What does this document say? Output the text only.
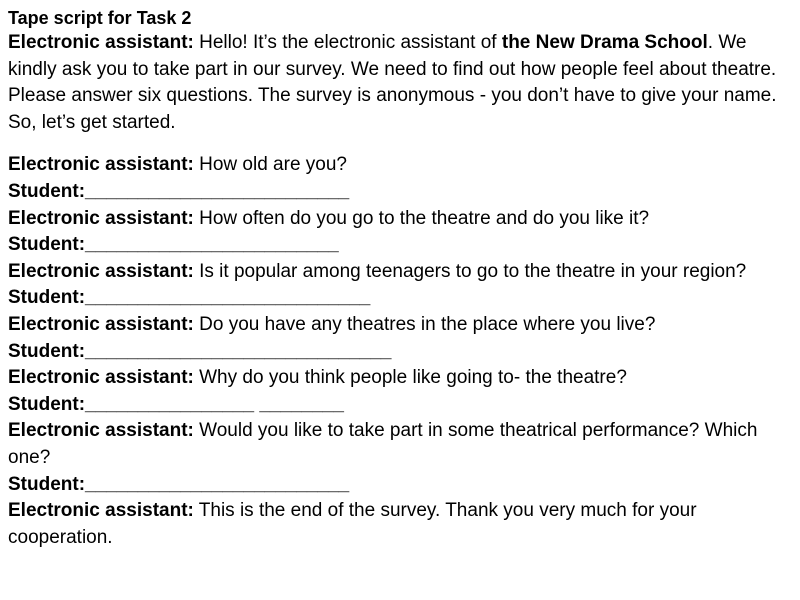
Tape script for Task 2

Electronic assistant: Hello! It’s the electronic assistant of the New Drama School. We kindly ask you to take part in our survey. We need to find out how people feel about theatre. Please answer six questions. The survey is anonymous - you don’t have to give your name. So, let’s get started.

Electronic assistant: How old are you?

Student:_________________________

Electronic assistant: How often do you go to the theatre and do you like it?

Student:________________________

Electronic assistant: Is it popular among teenagers to go to the theatre in your region?

Student:___________________________

Electronic assistant: Do you have any theatres in the place where you live?

Student:_____________________________

Electronic assistant: Why do you think people like going to- the theatre?

Student:________________ ________

Electronic assistant: Would you like to take part in some theatrical performance? Which one?

Student:_________________________

Electronic assistant: This is the end of the survey. Thank you very much for your cooperation.
